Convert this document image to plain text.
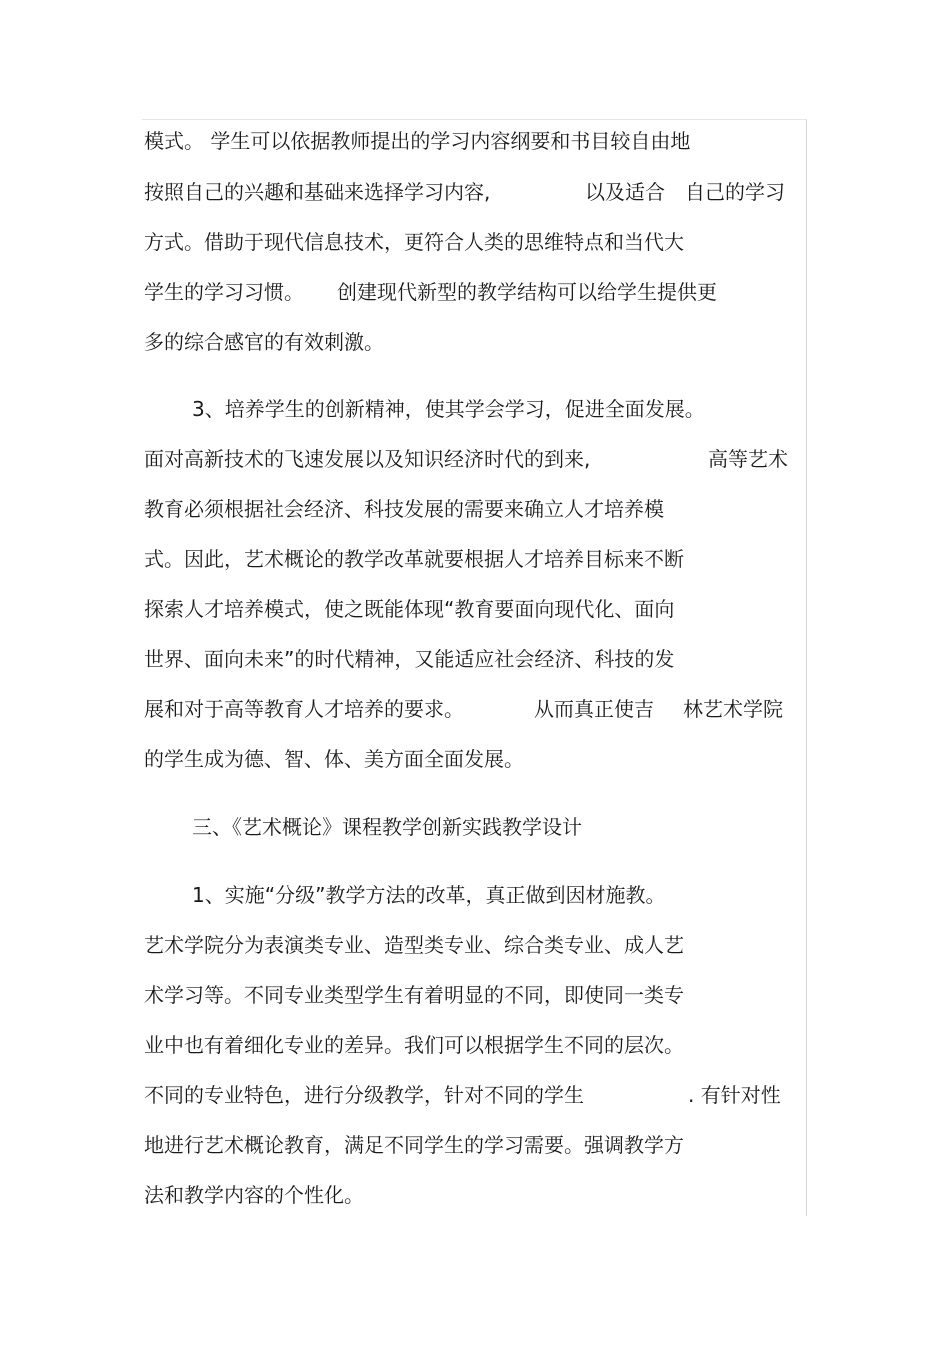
模式。 学生可以依据教师提出的学习内容纲要和书目较自由地
按照自己的兴趣和基础来选择学习内容,	以及适合 自己的学习
方式。借助于现代信息技术，更符合人类的思维特点和当代大
学生的学习习惯。 创建现代新型的教学结构可以给学生提供更
多的综合感官的有效刺激。
3、培养学生的创新精神，使其学会学习，促进全面发展。
面对高新技术的飞速发展以及知识经济时代的到来,	高等艺术
教育必须根据社会经济、科技发展的需要来确立人才培养模
式。因此，艺术概论的教学改革就要根据人才培养目标来不断
探索人才培养模式，使之既能体现“教育要面向现代化、面向
世界、面向未来”的时代精神，又能适应社会经济、科技的发
展和对于高等教育人才培养的要求。	从而真正使吉 林艺术学院
的学生成为德、智、体、美方面全面发展。
三、《艺术概论》课程教学创新实践教学设计
1、实施“分级”教学方法的改革，真正做到因材施教。
艺术学院分为表演类专业、造型类专业、综合类专业、成人艺
术学习等。不同专业类型学生有着明显的不同，即使同一类专
业中也有着细化专业的差异。我们可以根据学生不同的层次。
不同的专业特色，进行分级教学，针对不同的学生	. 有针对性
地进行艺术概论教育，满足不同学生的学习需要。强调教学方
法和教学内容的个性化。
